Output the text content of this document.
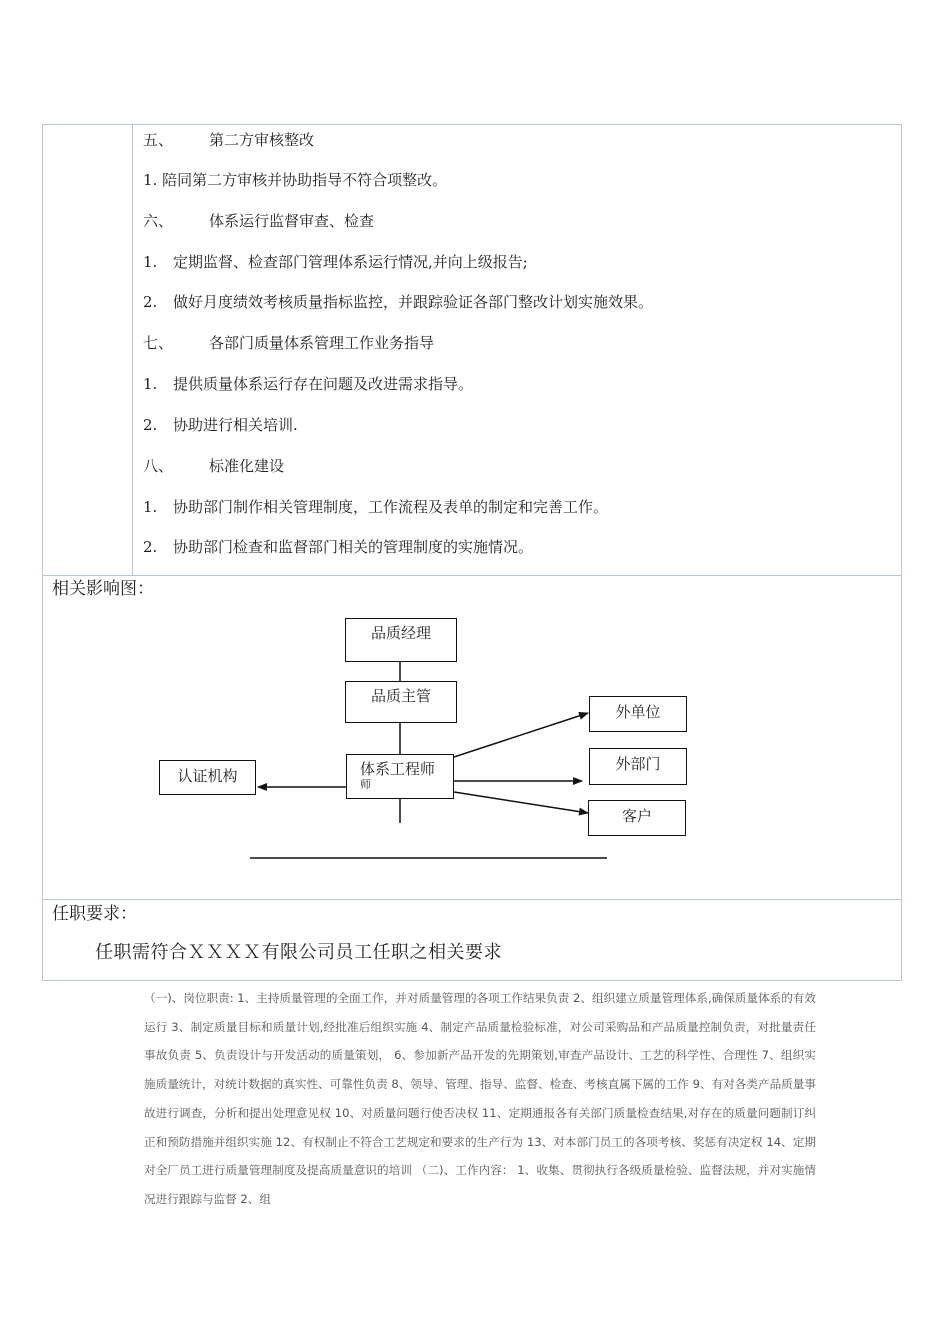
五、 第二方审核整改
1. 陪同第二方审核并协助指导不符合项整改。
六、 体系运行监督审查、检查
1. 定期监督、检查部门管理体系运行情况,并向上级报告;
2. 做好月度绩效考核质量指标监控，并跟踪验证各部门整改计划实施效果。
七、 各部门质量体系管理工作业务指导
1. 提供质量体系运行存在问题及改进需求指导。
2. 协助进行相关培训.
八、 标准化建设
1. 协助部门制作相关管理制度，工作流程及表单的制定和完善工作。
2. 协助部门检查和监督部门相关的管理制度的实施情况。
相关影响图：
品质经理
品质主管
体系工程师
师
认证机构
外单位
外部门
客户
任职要求：
任职需符合ＸＸＸＸ有限公司员工任职之相关要求
（一)、岗位职责: 1、主持质量管理的全面工作，并对质量管理的各项工作结果负责 2、组织建立质量管理体系,确保质量体系的有效运行 3、制定质量目标和质量计划,经批准后组织实施 4、制定产品质量检验标准，对公司采购品和产品质量控制负责，对批量责任事故负责 5、负责设计与开发活动的质量策划， 6、参加新产品开发的先期策划,审查产品设计、工艺的科学性、合理性 7、组织实施质量统计，对统计数据的真实性、可靠性负责 8、领导、管理、指导、监督、检查、考核直属下属的工作 9、有对各类产品质量事故进行调查，分析和提出处理意见权 10、对质量问题行使否决权 11、定期通报各有关部门质量检查结果,对存在的质量问题制订纠正和预防措施并组织实施 12、有权制止不符合工艺规定和要求的生产行为 13、对本部门员工的各项考核、奖惩有决定权 14、定期对全厂员工进行质量管理制度及提高质量意识的培训 （二)、工作内容： 1、收集、贯彻执行各级质量检验、监督法规，并对实施情况进行跟踪与监督 2、组
